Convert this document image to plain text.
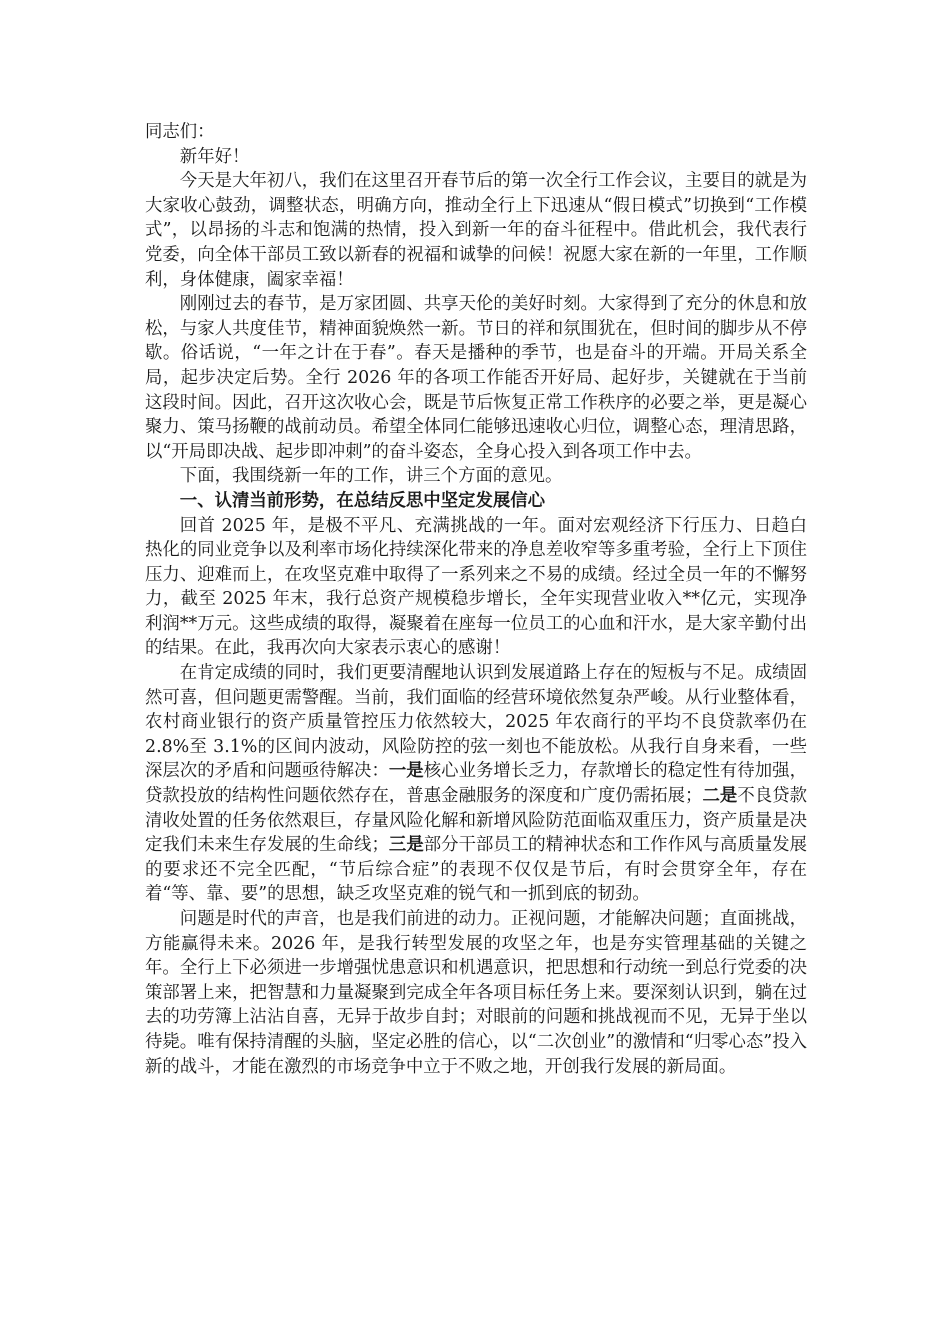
同志们：

新年好！

今天是大年初八，我们在这里召开春节后的第一次全行工作会议，主要目的就是为大家收心鼓劲，调整状态，明确方向，推动全行上下迅速从“假日模式”切换到“工作模式”，以昂扬的斗志和饱满的热情，投入到新一年的奋斗征程中。借此机会，我代表行党委，向全体干部员工致以新春的祝福和诚挚的问候！祝愿大家在新的一年里，工作顺利，身体健康，阖家幸福！

刚刚过去的春节，是万家团圆、共享天伦的美好时刻。大家得到了充分的休息和放松，与家人共度佳节，精神面貌焕然一新。节日的祥和氛围犹在，但时间的脚步从不停歇。俗话说，“一年之计在于春”。春天是播种的季节，也是奋斗的开端。开局关系全局，起步决定后势。全行 2026 年的各项工作能否开好局、起好步，关键就在于当前这段时间。因此，召开这次收心会，既是节后恢复正常工作秩序的必要之举，更是凝心聚力、策马扬鞭的战前动员。希望全体同仁能够迅速收心归位，调整心态，理清思路，以“开局即决战、起步即冲刺”的奋斗姿态，全身心投入到各项工作中去。

下面，我围绕新一年的工作，讲三个方面的意见。

一、认清当前形势，在总结反思中坚定发展信心

回首 2025 年，是极不平凡、充满挑战的一年。面对宏观经济下行压力、日趋白热化的同业竞争以及利率市场化持续深化带来的净息差收窄等多重考验，全行上下顶住压力、迎难而上，在攻坚克难中取得了一系列来之不易的成绩。经过全员一年的不懈努力，截至 2025 年末，我行总资产规模稳步增长，全年实现营业收入**亿元，实现净利润**万元。这些成绩的取得，凝聚着在座每一位员工的心血和汗水，是大家辛勤付出的结果。在此，我再次向大家表示衷心的感谢！

在肯定成绩的同时，我们更要清醒地认识到发展道路上存在的短板与不足。成绩固然可喜，但问题更需警醒。当前，我们面临的经营环境依然复杂严峻。从行业整体看，农村商业银行的资产质量管控压力依然较大，2025 年农商行的平均不良贷款率仍在 2.8%至 3.1%的区间内波动，风险防控的弦一刻也不能放松。从我行自身来看，一些深层次的矛盾和问题亟待解决：一是核心业务增长乏力，存款增长的稳定性有待加强，贷款投放的结构性问题依然存在，普惠金融服务的深度和广度仍需拓展；二是不良贷款清收处置的任务依然艰巨，存量风险化解和新增风险防范面临双重压力，资产质量是决定我们未来生存发展的生命线；三是部分干部员工的精神状态和工作作风与高质量发展的要求还不完全匹配，“节后综合症”的表现不仅仅是节后，有时会贯穿全年，存在着“等、靠、要”的思想，缺乏攻坚克难的锐气和一抓到底的韧劲。

问题是时代的声音，也是我们前进的动力。正视问题，才能解决问题；直面挑战，方能赢得未来。2026 年，是我行转型发展的攻坚之年，也是夯实管理基础的关键之年。全行上下必须进一步增强忧患意识和机遇意识，把思想和行动统一到总行党委的决策部署上来，把智慧和力量凝聚到完成全年各项目标任务上来。要深刻认识到，躺在过去的功劳簿上沾沾自喜，无异于故步自封；对眼前的问题和挑战视而不见，无异于坐以待毙。唯有保持清醒的头脑，坚定必胜的信心，以“二次创业”的激情和“归零心态”投入新的战斗，才能在激烈的市场竞争中立于不败之地，开创我行发展的新局面。
